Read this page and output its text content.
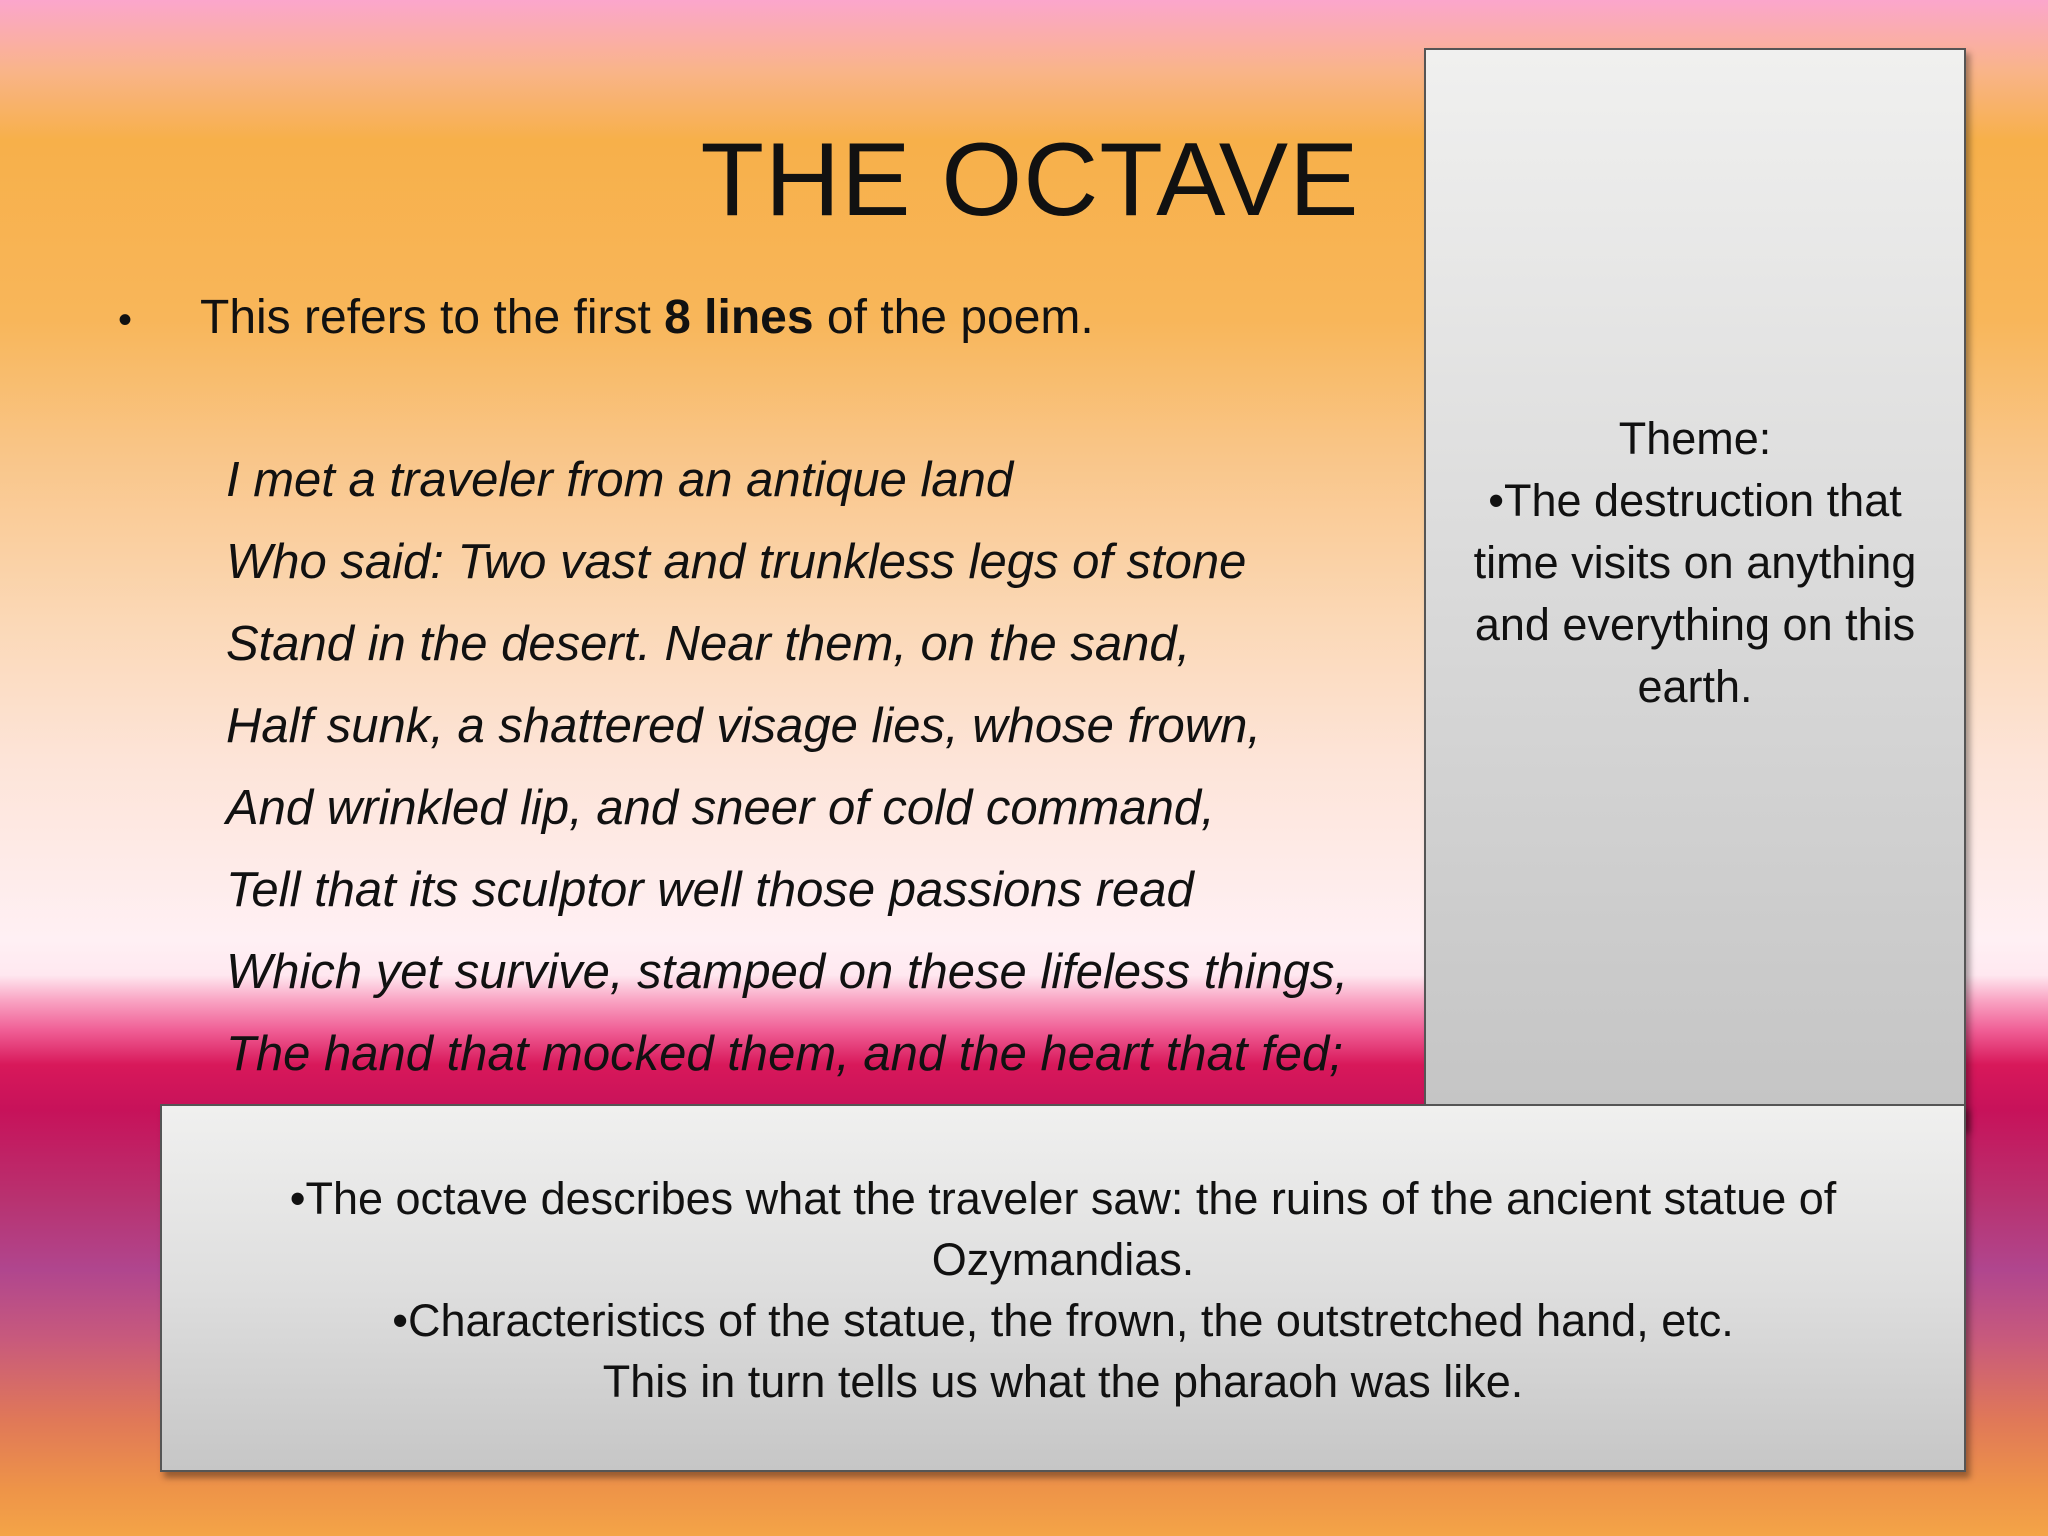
THE OCTAVE
• This refers to the first 8 lines of the poem.
I met a traveler from an antique land
Who said: Two vast and trunkless legs of stone
Stand in the desert. Near them, on the sand,
Half sunk, a shattered visage lies, whose frown,
And wrinkled lip, and sneer of cold command,
Tell that its sculptor well those passions read
Which yet survive, stamped on these lifeless things,
The hand that mocked them, and the heart that fed;
Theme:
•The destruction that
time visits on anything
and everything on this
earth.
•The octave describes what the traveler saw: the ruins of the ancient statue of
Ozymandias.
•Characteristics of the statue, the frown, the outstretched hand, etc.
This in turn tells us what the pharaoh was like.
